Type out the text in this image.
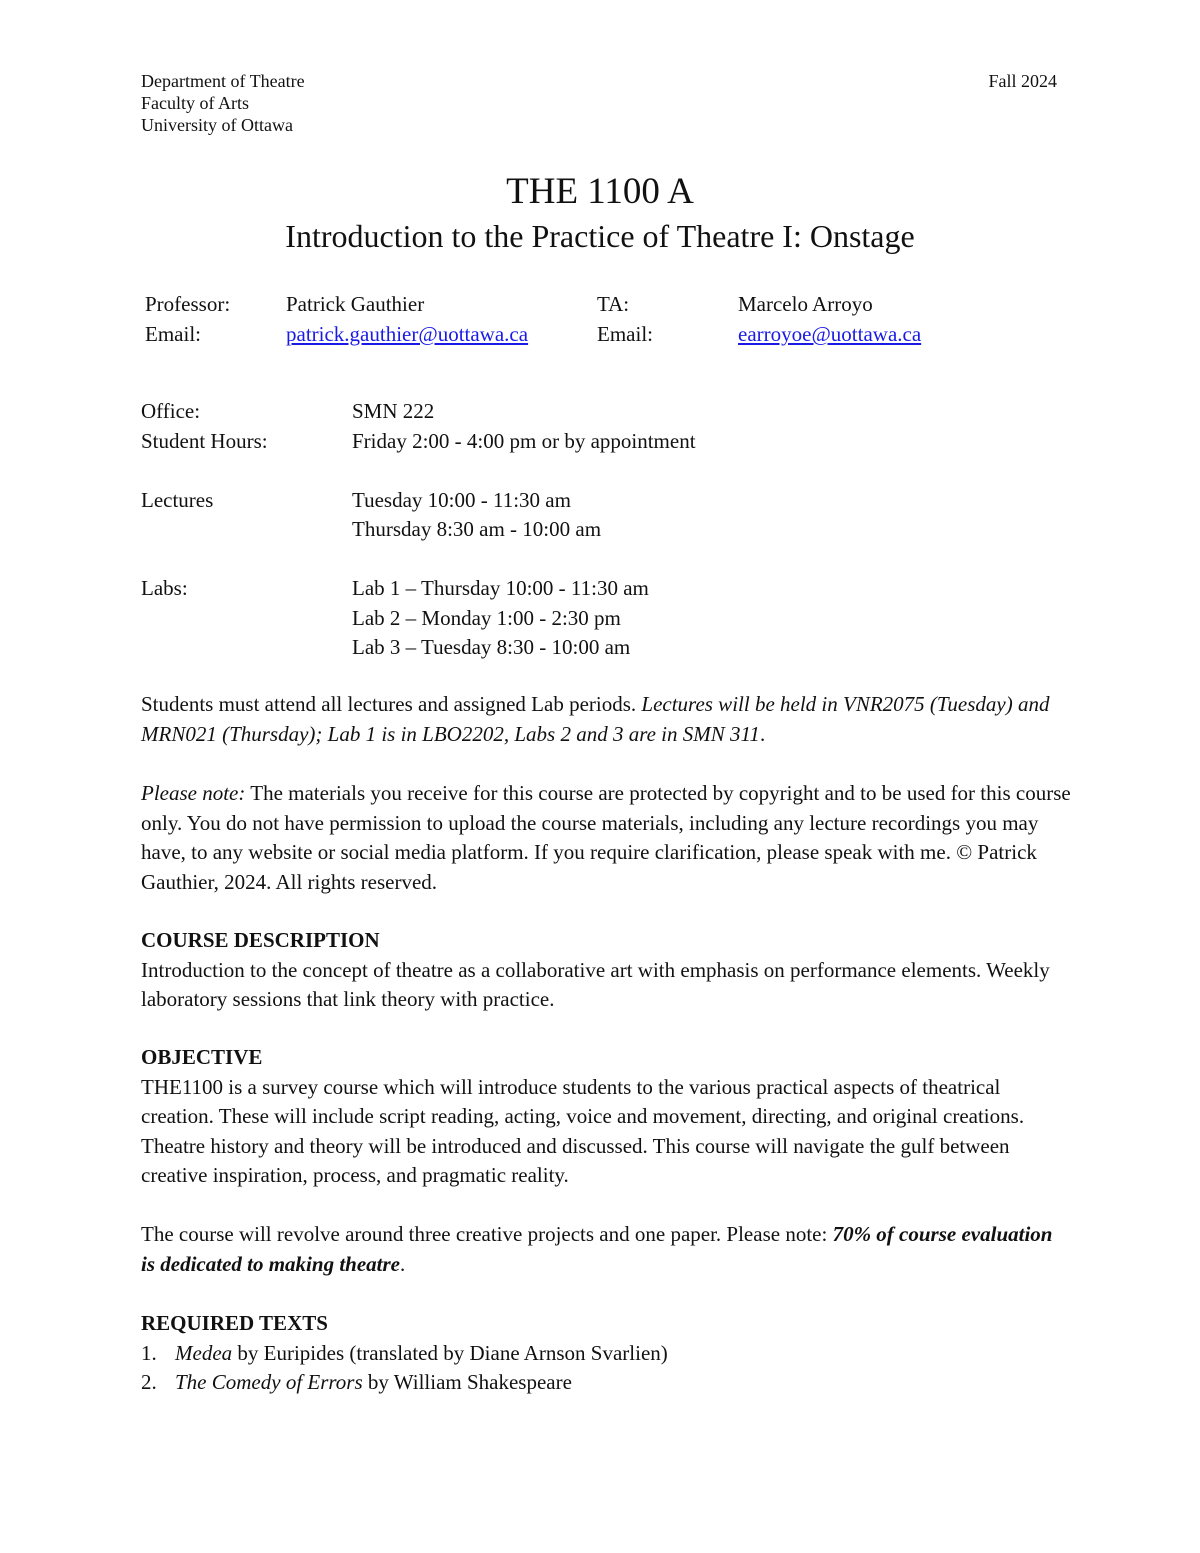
Department of Theatre
Faculty of Arts
University of Ottawa
Fall 2024
THE 1100 A
Introduction to the Practice of Theatre I: Onstage
Professor:	Patrick Gauthier	TA:	Marcelo Arroyo
Email:	patrick.gauthier@uottawa.ca	Email:	earroyoe@uottawa.ca
Office:	SMN 222
Student Hours:	Friday 2:00 - 4:00 pm or by appointment
Lectures	Tuesday 10:00 - 11:30 am
Thursday 8:30 am - 10:00 am
Labs:	Lab 1 – Thursday 10:00 - 11:30 am
Lab 2 – Monday 1:00 - 2:30 pm
Lab 3 – Tuesday 8:30 - 10:00 am
Students must attend all lectures and assigned Lab periods. Lectures will be held in VNR2075 (Tuesday) and MRN021 (Thursday); Lab 1 is in LBO2202, Labs 2 and 3 are in SMN 311.
Please note: The materials you receive for this course are protected by copyright and to be used for this course only. You do not have permission to upload the course materials, including any lecture recordings you may have, to any website or social media platform. If you require clarification, please speak with me. © Patrick Gauthier, 2024. All rights reserved.
COURSE DESCRIPTION
Introduction to the concept of theatre as a collaborative art with emphasis on performance elements. Weekly laboratory sessions that link theory with practice.
OBJECTIVE
THE1100 is a survey course which will introduce students to the various practical aspects of theatrical creation. These will include script reading, acting, voice and movement, directing, and original creations. Theatre history and theory will be introduced and discussed. This course will navigate the gulf between creative inspiration, process, and pragmatic reality.
The course will revolve around three creative projects and one paper. Please note: 70% of course evaluation is dedicated to making theatre.
REQUIRED TEXTS
1. Medea by Euripides (translated by Diane Arnson Svarlien)
2. The Comedy of Errors by William Shakespeare
